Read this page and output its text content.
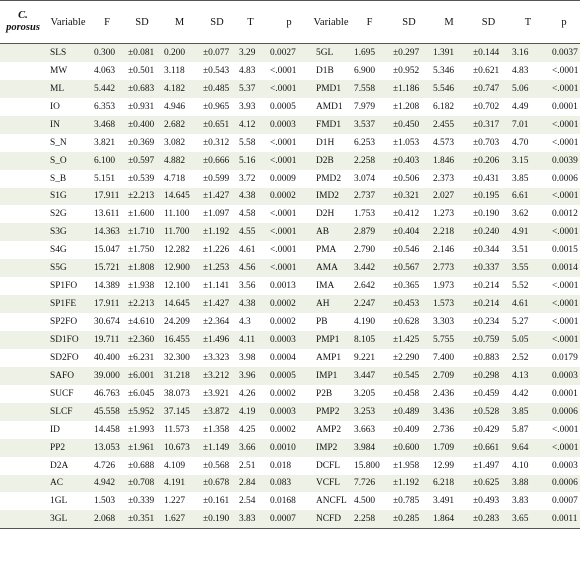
C.
porosus	Variable	F	SD	M	SD	T	p	Variable	F	SD	M	SD	T	p
	SLS	0.300	±0.081	0.200	±0.077	3.29	0.0027	5GL	1.695	±0.297	1.391	±0.144	3.16	0.0037
	MW	4.063	±0.501	3.118	±0.543	4.83	<.0001	D1B	6.900	±0.952	5.346	±0.621	4.83	<.0001
	ML	5.442	±0.683	4.182	±0.485	5.37	<.0001	PMD1	7.558	±1.186	5.546	±0.747	5.06	<.0001
	IO	6.353	±0.931	4.946	±0.965	3.93	0.0005	AMD1	7.979	±1.208	6.182	±0.702	4.49	0.0001
	IN	3.468	±0.400	2.682	±0.651	4.12	0.0003	FMD1	3.537	±0.450	2.455	±0.317	7.01	<.0001
	S_N	3.821	±0.369	3.082	±0.312	5.58	<.0001	D1H	6.253	±1.053	4.573	±0.703	4.70	<.0001
	S_O	6.100	±0.597	4.882	±0.666	5.16	<.0001	D2B	2.258	±0.403	1.846	±0.206	3.15	0.0039
	S_B	5.151	±0.539	4.718	±0.599	3.72	0.0009	PMD2	3.074	±0.506	2.373	±0.431	3.85	0.0006
	S1G	17.911	±2.213	14.645	±1.427	4.38	0.0002	IMD2	2.737	±0.321	2.027	±0.195	6.61	<.0001
	S2G	13.611	±1.600	11.100	±1.097	4.58	<.0001	D2H	1.753	±0.412	1.273	±0.190	3.62	0.0012
	S3G	14.363	±1.710	11.700	±1.192	4.55	<.0001	AB	2.879	±0.404	2.218	±0.240	4.91	<.0001
	S4G	15.047	±1.750	12.282	±1.226	4.61	<.0001	PMA	2.790	±0.546	2.146	±0.344	3.51	0.0015
	S5G	15.721	±1.808	12.900	±1.253	4.56	<.0001	AMA	3.442	±0.567	2.773	±0.337	3.55	0.0014
	SP1FO	14.389	±1.938	12.100	±1.141	3.56	0.0013	IMA	2.642	±0.365	1.973	±0.214	5.52	<.0001
	SP1FE	17.911	±2.213	14.645	±1.427	4.38	0.0002	AH	2.247	±0.453	1.573	±0.214	4.61	<.0001
	SP2FO	30.674	±4.610	24.209	±2.364	4.3	0.0002	PB	4.190	±0.628	3.303	±0.234	5.27	<.0001
	SD1FO	19.711	±2.360	16.455	±1.496	4.11	0.0003	PMP1	8.105	±1.425	5.755	±0.759	5.05	<.0001
	SD2FO	40.400	±6.231	32.300	±3.323	3.98	0.0004	AMP1	9.221	±2.290	7.400	±0.883	2.52	0.0179
	SAFO	39.000	±6.001	31.218	±3.212	3.96	0.0005	IMP1	3.447	±0.545	2.709	±0.298	4.13	0.0003
	SUCF	46.763	±6.045	38.073	±3.921	4.26	0.0002	P2B	3.205	±0.458	2.436	±0.459	4.42	0.0001
	SLCF	45.558	±5.952	37.145	±3.872	4.19	0.0003	PMP2	3.253	±0.489	3.436	±0.528	3.85	0.0006
	ID	14.458	±1.993	11.573	±1.358	4.25	0.0002	AMP2	3.663	±0.409	2.736	±0.429	5.87	<.0001
	PP2	13.053	±1.961	10.673	±1.149	3.66	0.0010	IMP2	3.984	±0.600	1.709	±0.661	9.64	<.0001
	D2A	4.726	±0.688	4.109	±0.568	2.51	0.018	DCFL	15.800	±1.958	12.99	±1.497	4.10	0.0003
	AC	4.942	±0.708	4.191	±0.678	2.84	0.083	VCFL	7.726	±1.192	6.218	±0.625	3.88	0.0006
	1GL	1.503	±0.339	1.227	±0.161	2.54	0.0168	ANCFL	4.500	±0.785	3.491	±0.493	3.83	0.0007
	3GL	2.068	±0.351	1.627	±0.190	3.83	0.0007	NCFD	2.258	±0.285	1.864	±0.283	3.65	0.0011
